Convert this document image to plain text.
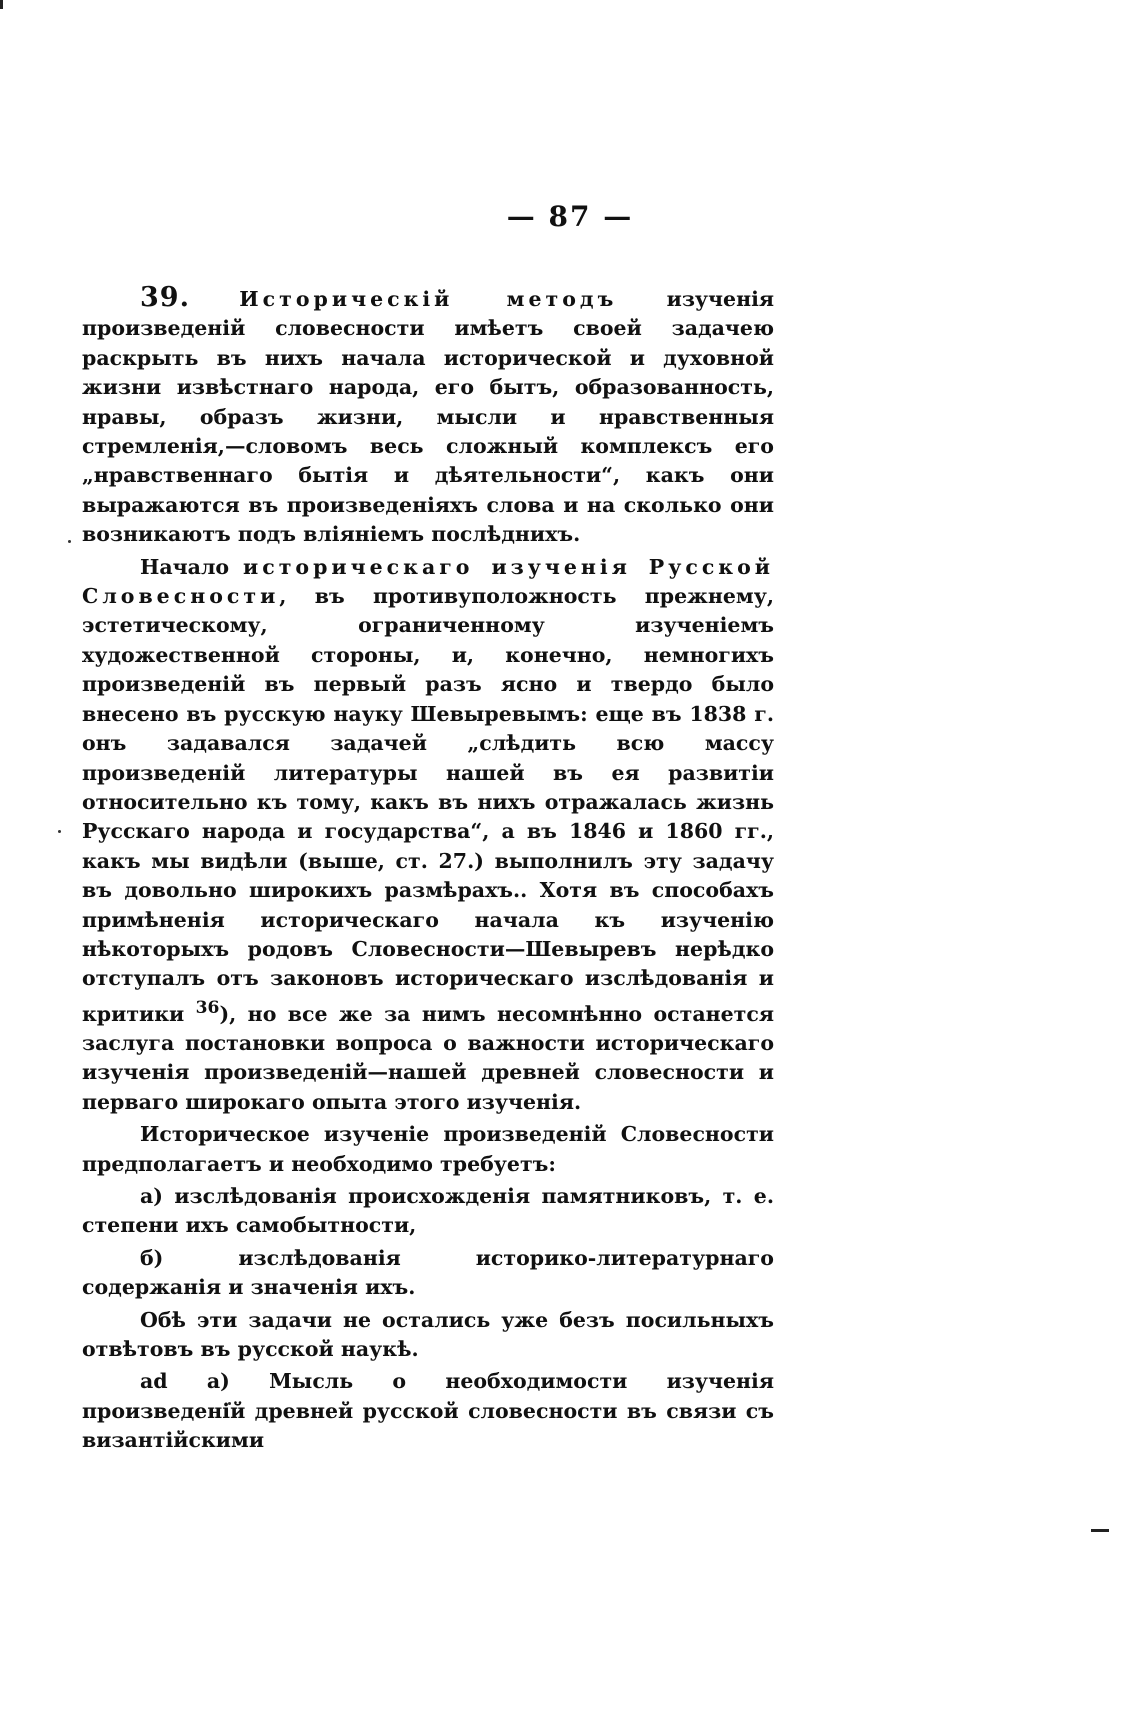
— 87 —

39. Историческій методъ изученія произведеній словесности имѣетъ своей задачею раскрыть въ нихъ начала исторической и духовной жизни извѣстнаго народа, его бытъ, образованность, нравы, образъ жизни, мысли и нравственныя стремленія,—словомъ весь сложный комплексъ его „нравственнаго бытія и дѣятельности“, какъ они выражаются въ произведеніяхъ слова и на сколько они возникаютъ подъ вліяніемъ послѣднихъ.

Начало историческаго изученія Русской Словесности, въ противуположность прежнему, эстетическому, ограниченному изученіемъ художественной стороны, и, конечно, немногихъ произведеній въ первый разъ ясно и твердо было внесено въ русскую науку Шевыревымъ: еще въ 1838 г. онъ задавался задачей „слѣдить всю массу произведеній литературы нашей въ ея развитіи относительно къ тому, какъ въ нихъ отражалась жизнь Русскаго народа и государства“, а въ 1846 и 1860 гг., какъ мы видѣли (выше, ст. 27.) выполнилъ эту задачу въ довольно широкихъ размѣрахъ.. Хотя въ способахъ примѣненія историческаго начала къ изученію нѣкоторыхъ родовъ Словесности—Шевыревъ нерѣдко отступалъ отъ законовъ историческаго изслѣдованія и критики $^{36}$), но все же за нимъ несомнѣнно останется заслуга постановки вопроса о важности историческаго изученія произведеній—нашей древней словесности и перваго широкаго опыта этого изученія.

Историческое изученіе произведеній Словесности предполагаетъ и необходимо требуетъ:

а) изслѣдованія происхожденія памятниковъ, т. е. степени ихъ самобытности,

б) изслѣдованія историко-литературнаго содержанія и значенія ихъ.

Обѣ эти задачи не остались уже безъ посильныхъ отвѣтовъ въ русской наукѣ.

ad а) Мысль о необходимости изученія произведеній древней русской словесности въ связи съ византійскими
